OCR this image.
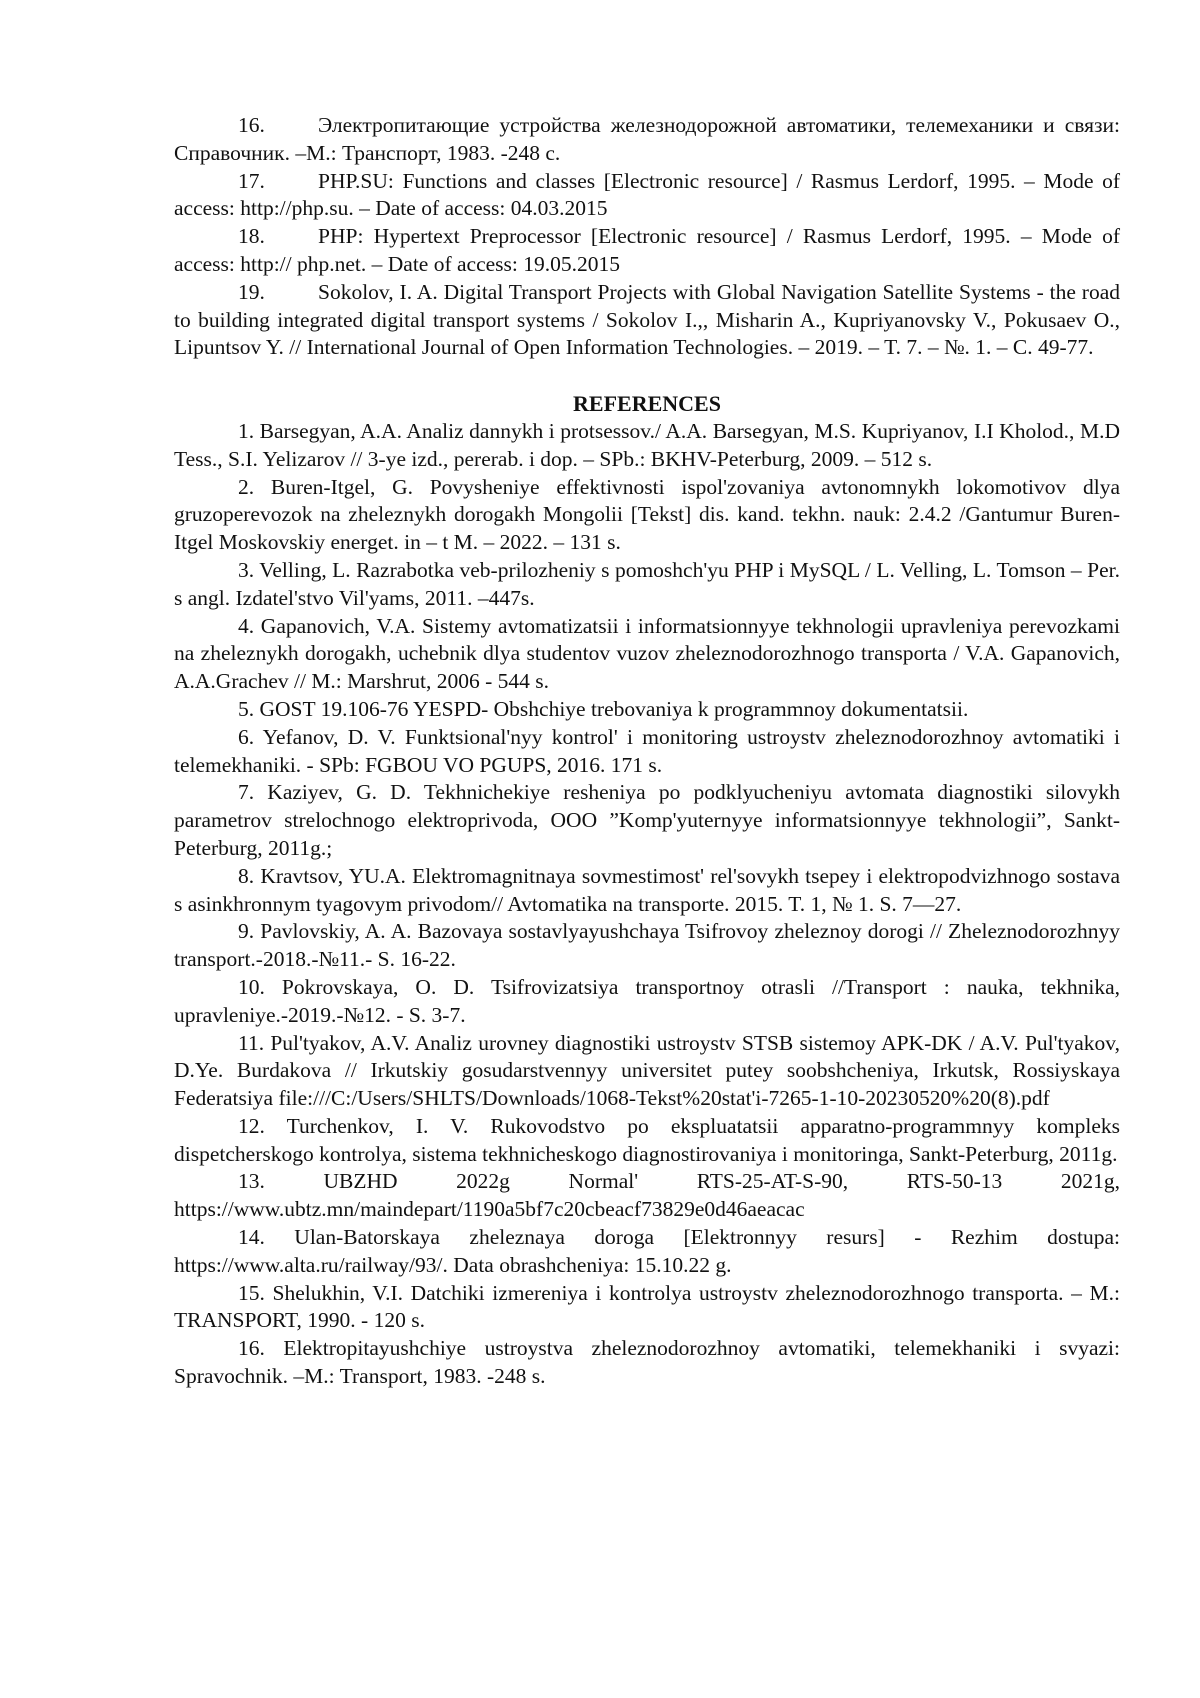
16. Электропитающие устройства железнодорожной автоматики, телемеханики и связи: Справочник. –М.: Транспорт, 1983. -248 с.

17. PHP.SU: Functions and classes [Electronic resource] / Rasmus Lerdorf, 1995. – Mode of access: http://php.su. – Date of access: 04.03.2015

18. PHP: Hypertext Preprocessor [Electronic resource] / Rasmus Lerdorf, 1995. – Mode of access: http:// php.net. – Date of access: 19.05.2015

19. Sokolov, I. A. Digital Transport Projects with Global Navigation Satellite Systems - the road to building integrated digital transport systems / Sokolov I.,, Misharin A., Kupriyanovsky V., Pokusaev O., Lipuntsov Y. // International Journal of Open Information Technologies. – 2019. – T. 7. – №. 1. – C. 49-77.

REFERENCES

1. Barsegyan, A.A. Analiz dannykh i protsessov./ A.A. Barsegyan, M.S. Kupriyanov, I.I Kholod., M.D Tess., S.I. Yelizarov // 3-ye izd., pererab. i dop. – SPb.: BKHV-Peterburg, 2009. – 512 s.

2. Buren-Itgel, G. Povysheniye effektivnosti ispol'zovaniya avtonomnykh lokomotivov dlya gruzoperevozok na zheleznykh dorogakh Mongolii [Tekst] dis. kand. tekhn. nauk: 2.4.2 /Gantumur Buren-Itgel Moskovskiy energet. in – t M. – 2022. – 131 s.

3. Velling, L. Razrabotka veb-prilozheniy s pomoshch'yu PHP i MySQL / L. Velling, L. Tomson – Per. s angl. Izdatel'stvo Vil'yams, 2011. –447s.

4. Gapanovich, V.A. Sistemy avtomatizatsii i informatsionnyye tekhnologii upravleniya perevozkami na zheleznykh dorogakh, uchebnik dlya studentov vuzov zheleznodorozhnogo transporta / V.A. Gapanovich, A.A.Grachev // M.: Marshrut, 2006 - 544 s.

5. GOST 19.106-76 YESPD- Obshchiye trebovaniya k programmnoy dokumentatsii.

6. Yefanov, D. V. Funktsional'nyy kontrol' i monitoring ustroystv zheleznodorozhnoy avtomatiki i telemekhaniki. - SPb: FGBOU VO PGUPS, 2016. 171 s.

7. Kaziyev, G. D. Tekhnichekiye resheniya po podklyucheniyu avtomata diagnostiki silovykh parametrov strelochnogo elektroprivoda, OOO ”Komp'yuternyye informatsionnyye tekhnologii”, Sankt-Peterburg, 2011g.;

8. Kravtsov, YU.A. Elektromagnitnaya sovmestimost' rel'sovykh tsepey i elektropodvizhnogo sostava s asinkhronnym tyagovym privodom// Avtomatika na transporte. 2015. T. 1, № 1. S. 7—27.

9. Pavlovskiy, A. A. Bazovaya sostavlyayushchaya Tsifrovoy zheleznoy dorogi // Zheleznodorozhnyy transport.-2018.-№11.- S. 16-22.

10. Pokrovskaya, O. D. Tsifrovizatsiya transportnoy otrasli //Transport : nauka, tekhnika, upravleniye.-2019.-№12. - S. 3-7.

11. Pul'tyakov, A.V. Analiz urovney diagnostiki ustroystv STSB sistemoy APK-DK / A.V. Pul'tyakov, D.Ye. Burdakova // Irkutskiy gosudarstvennyy universitet putey soobshcheniya, Irkutsk, Rossiyskaya Federatsiya file:///C:/Users/SHLTS/Downloads/1068-Tekst%20stat'i-7265-1-10-20230520%20(8).pdf

12. Turchenkov, I. V. Rukovodstvo po ekspluatatsii apparatno-programmnyy kompleks dispetcherskogo kontrolya, sistema tekhnicheskogo diagnostirovaniya i monitoringa, Sankt-Peterburg, 2011g.

13. UBZHD 2022g Normal' RTS-25-AT-S-90, RTS-50-13 2021g, https://www.ubtz.mn/maindepart/1190a5bf7c20cbeacf73829e0d46aeacac

14. Ulan-Batorskaya zheleznaya doroga [Elektronnyy resurs] - Rezhim dostupa: https://www.alta.ru/railway/93/. Data obrashcheniya: 15.10.22 g.

15. Shelukhin, V.I. Datchiki izmereniya i kontrolya ustroystv zheleznodorozhnogo transporta. – M.: TRANSPORT, 1990. - 120 s.

16. Elektropitayushchiye ustroystva zheleznodorozhnoy avtomatiki, telemekhaniki i svyazi: Spravochnik. –M.: Transport, 1983. -248 s.
